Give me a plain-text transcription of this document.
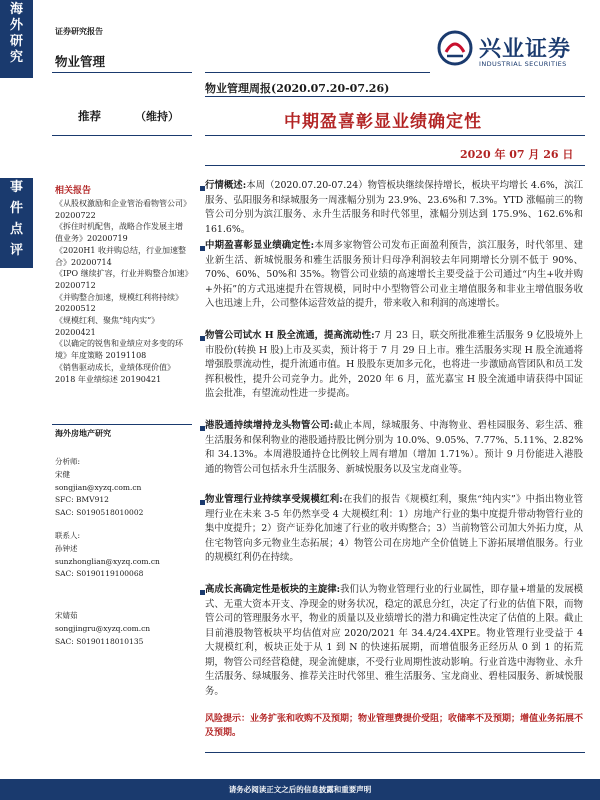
海
外
研
究
事
件
点
评
证券研究报告
物业管理	兴业证券
INDUSTRIAL SECURITIES
物业管理周报(2020.07.20-07.26)
推荐	（维持）	中期盈喜彰显业绩确定性
2020 年 07 月 26 日
相关报告
《从股权激励和企业管治看物管公司》20200722
《拆住时机配售，战略合作发展主增值业务》20200719
《2020H1 收并购总结，行业加速整合》20200714
《IPO 继续扩容，行业并购整合加速》20200712
《并购整合加速，规模红利将持续》20200512
《规模红利、聚焦“纯内实”》20200421
《以确定的锐售和业绩应对多变的环境》年度策略 20191108
《销售驱动成长，业绩体现价值》2018 年业绩综述 20190421
海外房地产研究
分析师:
宋健
songjian@xyzq.com.cn
SFC: BMV912
SAC: S0190518010002
联系人:
孙钟述
sunzhonglian@xyzq.com.cn
SAC: S0190119100068
宋婧茹
songjingru@xyzq.com.cn
SAC: S0190118010135
行情概述:本周（2020.07.20-07.24）物管板块继续保持增长，板块平均增长 4.6%，滨江服务、弘阳服务和绿城服务一周涨幅分别为 23.9%、23.6%和 7.3%。YTD 涨幅前三的物管公司分别为滨江服务、永升生活服务和时代邻里，涨幅分别达到 175.9%、162.6%和 161.6%。
中期盈喜彰显业绩确定性:本周多家物管公司发布正面盈利预告，滨江服务，时代邻里、建业新生活、新城悦服务和雅生活服务预计归母净利润较去年同期增长分别不低于 90%、70%、60%、50%和 35%。物管公司业绩的高速增长主要受益于公司通过“内生+收并购+外拓”的方式迅速提升在管规模，同时中小型物管公司业主增值服务和非业主增值服务收入也迅速上升，公司整体运营效益的提升，带来收入和利润的高速增长。
物管公司试水 H 股全流通，提高流动性:7 月 23 日，联交所批准雅生活服务 9 亿股境外上市股份(转换 H 股)上市及买卖，预计将于 7 月 29 日上市。雅生活服务实现 H 股全流通将增强股票流动性，提升流通市值。H 股股东更加多元化，也将进一步激励高管团队和员工发挥积极性，提升公司竞争力。此外，2020 年 6 月，蓝光嘉宝 H 股全流通申请获得中国证监会批准，有望流动性进一步提高。
港股通持续增持龙头物管公司:截止本周，绿城服务、中海物业、碧桂园服务、彩生活、雅生活服务和保利物业的港股通持股比例分别为 10.0%、9.05%、7.77%、5.11%、2.82%和 34.13%。本周港股通持仓比例较上周有增加（增加 1.71%）。预计 9 月份能进入港股通的物管公司包括永升生活服务、新城悦服务以及宝龙商业等。
物业管理行业持续享受规模红利:在我们的报告《规模红利，聚焦“纯内实”》中指出物业管理行业在未来 3-5 年仍然享受 4 大规模红利：1）房地产行业的集中度提升带动物管行业的集中度提升；2）资产证券化加速了行业的收并购整合；3）当前物管公司加大外拓力度，从住宅物管向多元物业生态拓展；4）物管公司在房地产全价值链上下游拓展增值服务。行业的规模红利仍在持续。
高成长高确定性是板块的主旋律:我们认为物业管理行业的行业属性，即存量+增量的发展模式、无重大资本开支、净现金的财务状况，稳定的派息分红，决定了行业的估值下限，而物管公司的管理服务水平，物业的质量以及业绩增长的潜力和确定性决定了估值的上限。截止目前港股物管板块平均估值对应 2020/2021 年 34.4/24.4XPE。物业管理行业受益于 4 大规模红利，板块正处于从 1 到 N 的快速拓展期，而增值服务正经历从 0 到 1 的拓荒期，物管公司经营稳健，现金流健康，不受行业周期性波动影响。行业首选中海物业、永升生活服务、绿城服务、推荐关注时代邻里、雅生活服务、宝龙商业、碧桂园服务、新城悦服务。
风险提示：业务扩张和收购不及预期；物业管理费提价受阻；收储率不及预期；增值业务拓展不及预期。
请务必阅读正文之后的信息披露和重要声明
